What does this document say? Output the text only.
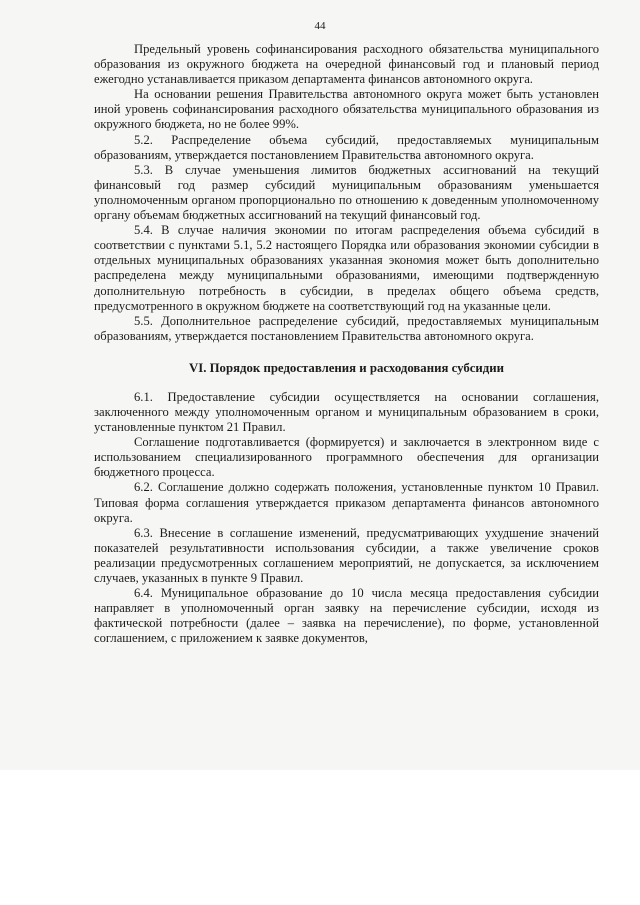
44

Предельный уровень софинансирования расходного обязательства муниципального образования из окружного бюджета на очередной финансовый год и плановый период ежегодно устанавливается приказом департамента финансов автономного округа.

На основании решения Правительства автономного округа может быть установлен иной уровень софинансирования расходного обязательства муниципального образования из окружного бюджета, но не более 99%.

5.2. Распределение объема субсидий, предоставляемых муниципальным образованиям, утверждается постановлением Правительства автономного округа.

5.3. В случае уменьшения лимитов бюджетных ассигнований на текущий финансовый год размер субсидий муниципальным образованиям уменьшается уполномоченным органом пропорционально по отношению к доведенным уполномоченному органу объемам бюджетных ассигнований на текущий финансовый год.

5.4. В случае наличия экономии по итогам распределения объема субсидий в соответствии с пунктами 5.1, 5.2 настоящего Порядка или образования экономии субсидии в отдельных муниципальных образованиях указанная экономия может быть дополнительно распределена между муниципальными образованиями, имеющими подтвержденную дополнительную потребность в субсидии, в пределах общего объема средств, предусмотренного в окружном бюджете на соответствующий год на указанные цели.

5.5. Дополнительное распределение субсидий, предоставляемых муниципальным образованиям, утверждается постановлением Правительства автономного округа.

VI. Порядок предоставления и расходования субсидии

6.1. Предоставление субсидии осуществляется на основании соглашения, заключенного между уполномоченным органом и муниципальным образованием в сроки, установленные пунктом 21 Правил.

Соглашение подготавливается (формируется) и заключается в электронном виде с использованием специализированного программного обеспечения для организации бюджетного процесса.

6.2. Соглашение должно содержать положения, установленные пунктом 10 Правил. Типовая форма соглашения утверждается приказом департамента финансов автономного округа.

6.3. Внесение в соглашение изменений, предусматривающих ухудшение значений показателей результативности использования субсидии, а также увеличение сроков реализации предусмотренных соглашением мероприятий, не допускается, за исключением случаев, указанных в пункте 9 Правил.

6.4. Муниципальное образование до 10 числа месяца предоставления субсидии направляет в уполномоченный орган заявку на перечисление субсидии, исходя из фактической потребности (далее – заявка на перечисление), по форме, установленной соглашением, с приложением к заявке документов,
